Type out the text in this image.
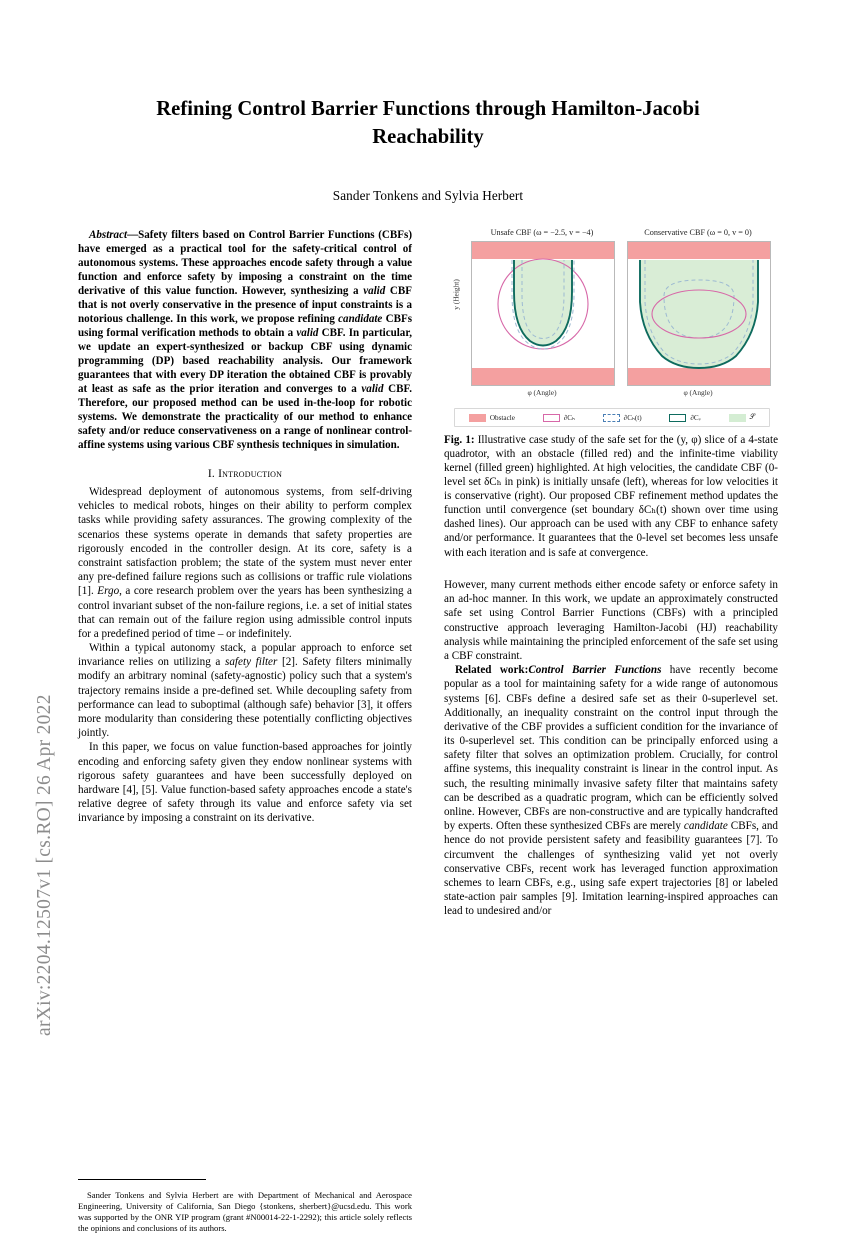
arXiv:2204.12507v1 [cs.RO] 26 Apr 2022
Refining Control Barrier Functions through Hamilton-Jacobi Reachability
Sander Tonkens and Sylvia Herbert

Abstract—Safety filters based on Control Barrier Functions (CBFs) have emerged as a practical tool for the safety-critical control of autonomous systems. These approaches encode safety through a value function and enforce safety by imposing a constraint on the time derivative of this value function. However, synthesizing a valid CBF that is not overly conservative in the presence of input constraints is a notorious challenge. In this work, we propose refining candidate CBFs using formal verification methods to obtain a valid CBF. In particular, we update an expert-synthesized or backup CBF using dynamic programming (DP) based reachability analysis. Our framework guarantees that with every DP iteration the obtained CBF is provably at least as safe as the prior iteration and converges to a valid CBF. Therefore, our proposed method can be used in-the-loop for robotic systems. We demonstrate the practicality of our method to enhance safety and/or reduce conservativeness on a range of nonlinear control-affine systems using various CBF synthesis techniques in simulation.

I. Introduction

Widespread deployment of autonomous systems, from self-driving vehicles to medical robots, hinges on their ability to perform complex tasks while providing safety assurances. The growing complexity of the scenarios these systems operate in demands that safety properties are rigorously encoded in the controller design. At its core, safety is a constraint satisfaction problem; the state of the system must never enter any pre-defined failure regions such as collisions or traffic rule violations [1]. Ergo, a core research problem over the years has been synthesizing a control invariant subset of the non-failure regions, i.e. a set of initial states that can remain out of the failure region using admissible control inputs for a predefined period of time – or indefinitely.

Within a typical autonomy stack, a popular approach to enforce set invariance relies on utilizing a safety filter [2]. Safety filters minimally modify an arbitrary nominal (safety-agnostic) policy such that a system's trajectory remains inside a pre-defined set. While decoupling safety from performance can lead to suboptimal (although safe) behavior [3], it offers more modularity than considering these potentially conflicting objectives jointly.

In this paper, we focus on value function-based approaches for jointly encoding and enforcing safety given they endow nonlinear systems with rigorous safety guarantees and have been successfully deployed on hardware [4], [5]. Value function-based safety approaches encode a state's relative degree of safety through its value and enforce safety via set invariance by imposing a constraint on its derivative.

Sander Tonkens and Sylvia Herbert are with Department of Mechanical and Aerospace Engineering, University of California, San Diego {stonkens, sherbert}@ucsd.edu. This work was supported by the ONR YIP program (grant #N00014-22-1-2292); this article solely reflects the opinions and conclusions of its authors.
Unsafe CBF (ω = −2.5, v = −4)	Conservative CBF (ω = 0, v = 0)
φ (Angle)	φ (Angle)
y (Height)
Obstacle	∂Cₕ	∂Cₕ(t)	∂Cᵥ	𝒮
Fig. 1: Illustrative case study of the safe set for the (y, φ) slice of a 4-state quadrotor, with an obstacle (filled red) and the infinite-time viability kernel (filled green) highlighted. At high velocities, the candidate CBF (0-level set δCₕ in pink) is initially unsafe (left), whereas for low velocities it is conservative (right). Our proposed CBF refinement method updates the function until convergence (set boundary δCₕ(t) shown over time using dashed lines). Our approach can be used with any CBF to enhance safety and/or performance. It guarantees that the 0-level set becomes less unsafe with each iteration and is safe at convergence.

However, many current methods either encode safety or enforce safety in an ad-hoc manner. In this work, we update an approximately constructed safe set using Control Barrier Functions (CBFs) with a principled constructive approach leveraging Hamilton-Jacobi (HJ) reachability analysis while maintaining the principled enforcement of the safe set using a CBF constraint.

Related work:Control Barrier Functions have recently become popular as a tool for maintaining safety for a wide range of autonomous systems [6]. CBFs define a desired safe set as their 0-superlevel set. Additionally, an inequality constraint on the control input through the derivative of the CBF provides a sufficient condition for the invariance of its 0-superlevel set. This condition can be principally enforced using a safety filter that solves an optimization problem. Crucially, for control affine systems, this inequality constraint is linear in the control input. As such, the resulting minimally invasive safety filter that maintains safety can be described as a quadratic program, which can be efficiently solved online. However, CBFs are non-constructive and are typically handcrafted by experts. Often these synthesized CBFs are merely candidate CBFs, and hence do not provide persistent safety and feasibility guarantees [7]. To circumvent the challenges of synthesizing valid yet not overly conservative CBFs, recent work has leveraged function approximation schemes to learn CBFs, e.g., using safe expert trajectories [8] or labeled state-action pair samples [9]. Imitation learning-inspired approaches can lead to undesired and/or
